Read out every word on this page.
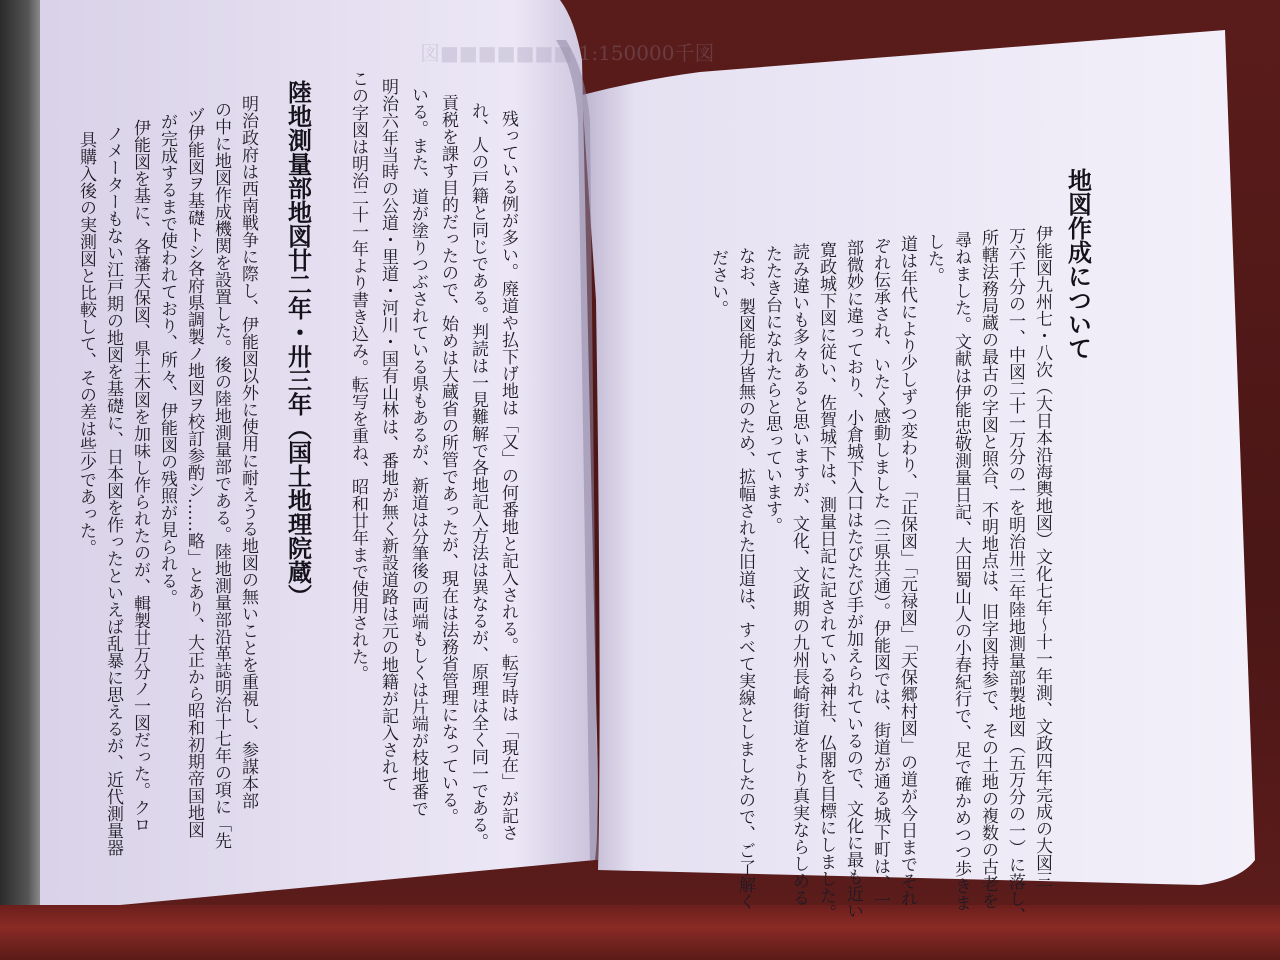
図■■■■■■■ 1:150000千図
地図作成について
伊能図九州七・八次（大日本沿海輿地図）文化七年～十一年測、文政四年完成の大図三
万六千分の一、中図二十一万分の一を明治卅三年陸地測量部製地図（五万分の一）に落し、
所轄法務局蔵の最古の字図と照合、不明地点は、旧字図持参で、その土地の複数の古老を
尋ねました。文献は伊能忠敬測量日記、大田蜀山人の小春紀行で、足で確かめつつ歩きま
した。
道は年代により少しずつ変わり、「正保図」「元禄図」「天保郷村図」の道が今日までそれ
ぞれ伝承され、いたく感動しました（三県共通）。伊能図では、街道が通る城下町は、一
部微妙に違っており、小倉城下入口はたびたび手が加えられているので、文化に最も近い
寛政城下図に従い、佐賀城下は、測量日記に記されている神社、仏閣を目標にしました。
読み違いも多々あると思いますが、文化、文政期の九州長崎街道をより真実ならしめる
たたき台になれたらと思っています。
なお、製図能力皆無のため、拡幅された旧道は、すべて実線としましたので、ご了解く
ださい。
陸地測量部地図廿二年・卅三年（国土地理院蔵）
明治政府は西南戦争に際し、伊能図以外に使用に耐えうる地図の無いことを重視し、参謀本部
の中に地図作成機関を設置した。後の陸地測量部である。陸地測量部沿革誌明治十七年の項に「先
ヅ伊能図ヲ基礎トシ各府県調製ノ地図ヲ校訂参酌シ……略」とあり、大正から昭和初期帝国地図
が完成するまで使われており、所々、伊能図の残照が見られる。
伊能図を基に、各藩天保図、県土木図を加味し作られたのが、輯製廿万分ノ一図だった。クロ
ノメーターもない江戸期の地図を基礎に、日本図を作ったといえば乱暴に思えるが、近代測量器
具購入後の実測図と比較して、その差は些少であった。	残っている例が多い。廃道や払下げ地は「又」の何番地と記入される。転写時は「現在」が記さ
れ、人の戸籍と同じである。判読は一見難解で各地記入方法は異なるが、原理は全く同一である。
貢税を課す目的だったので、始めは大蔵省の所管であったが、現在は法務省管理になっている。
いる。また、道が塗りつぶされている県もあるが、新道は分筆後の両端もしくは片端が枝地番で
明治六年当時の公道・里道・河川・国有山林は、番地が無く新設道路は元の地籍が記入されて
この字図は明治二十一年より書き込み。転写を重ね、昭和廿年まで使用された。
